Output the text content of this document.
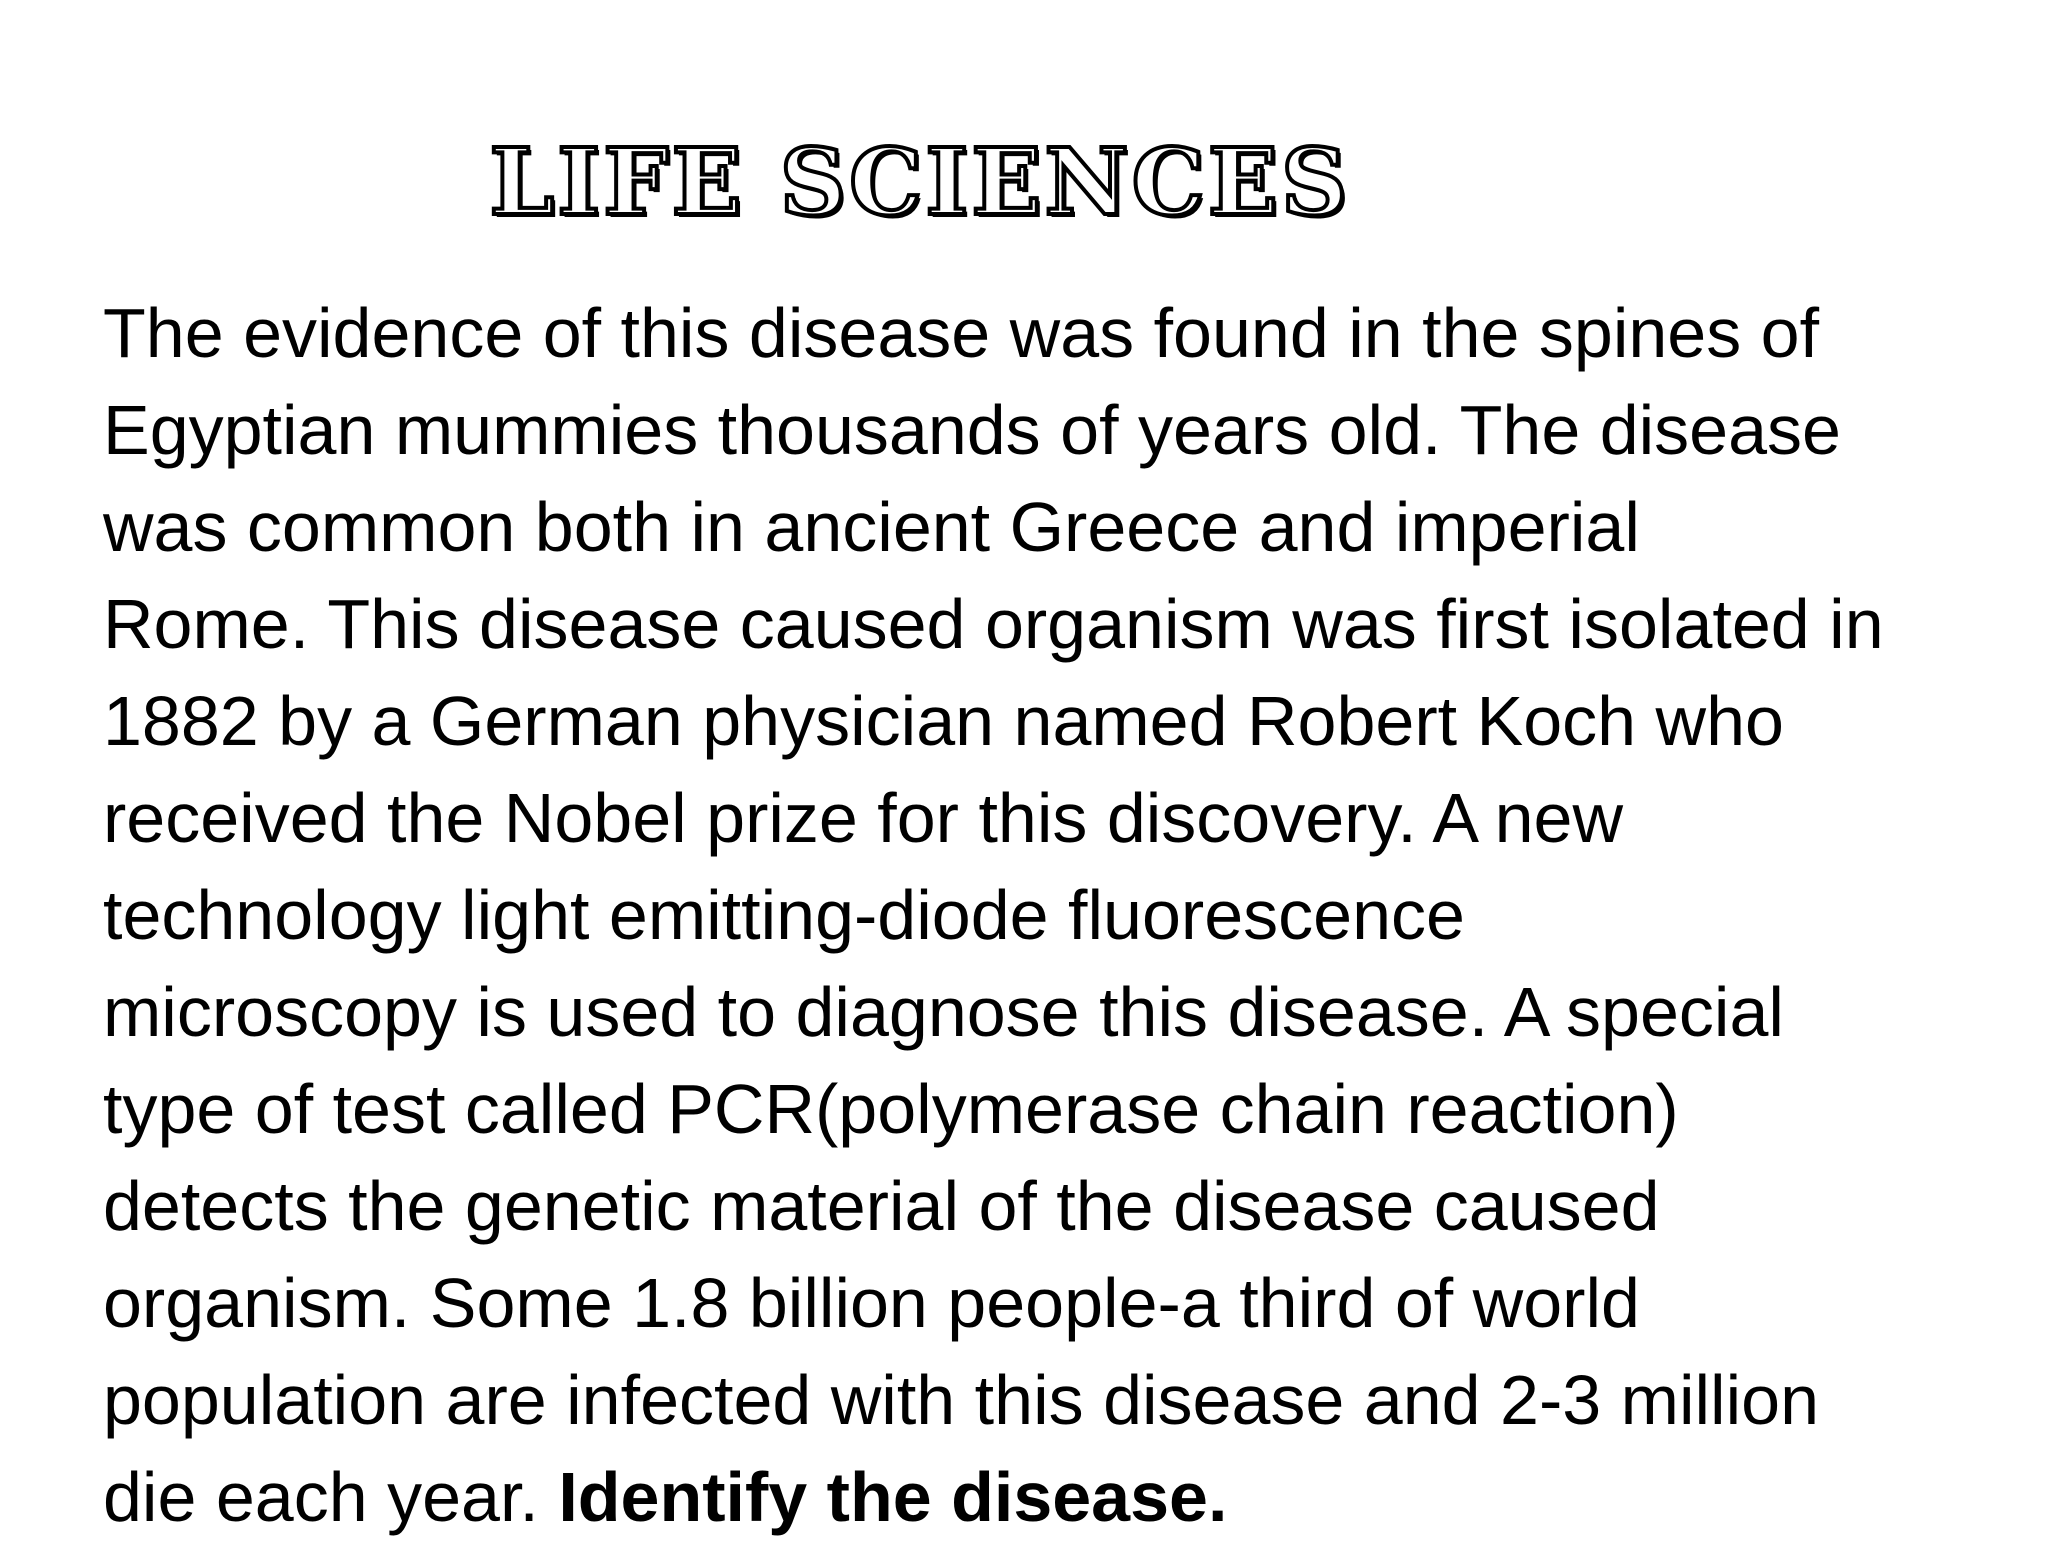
LIFE SCIENCES
The evidence of this disease was found in the spines of
Egyptian mummies thousands of years old. The disease
was common both in ancient Greece and imperial
Rome. This disease caused organism was first isolated in
1882 by a German physician named Robert Koch who
received the Nobel prize for this discovery. A new
technology light emitting-diode fluorescence
microscopy is used to diagnose this disease. A special
type of test called PCR(polymerase chain reaction)
detects the genetic material of the disease caused
organism. Some 1.8 billion people-a third of world
population are infected with this disease and 2-3 million
die each year. Identify the disease.
